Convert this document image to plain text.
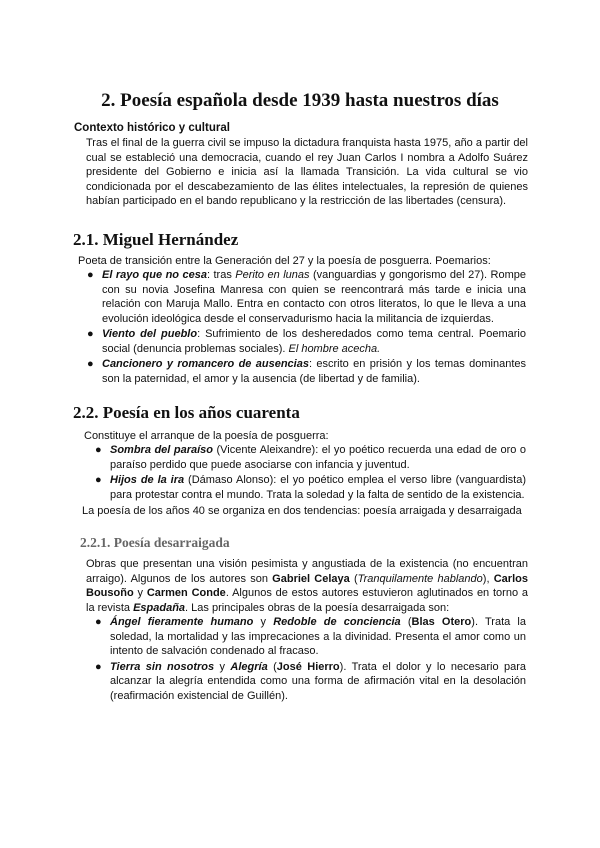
2. Poesía española desde 1939 hasta nuestros días
Contexto histórico y cultural
Tras el final de la guerra civil se impuso la dictadura franquista hasta 1975, año a partir del cual se estableció una democracia, cuando el rey Juan Carlos I nombra a Adolfo Suárez presidente del Gobierno e inicia así la llamada Transición. La vida cultural se vio condicionada por el descabezamiento de las élites intelectuales, la represión de quienes habían participado en el bando republicano y la restricción de las libertades (censura).
2.1. Miguel Hernández
Poeta de transición entre la Generación del 27 y la poesía de posguerra. Poemarios:
● El rayo que no cesa: tras Perito en lunas (vanguardias y gongorismo del 27). Rompe con su novia Josefina Manresa con quien se reencontrará más tarde e inicia una relación con Maruja Mallo. Entra en contacto con otros literatos, lo que le lleva a una evolución ideológica desde el conservadurismo hacia la militancia de izquierdas.
● Viento del pueblo: Sufrimiento de los desheredados como tema central. Poemario social (denuncia problemas sociales). El hombre acecha.
● Cancionero y romancero de ausencias: escrito en prisión y los temas dominantes son la paternidad, el amor y la ausencia (de libertad y de familia).
2.2. Poesía en los años cuarenta
Constituye el arranque de la poesía de posguerra:
● Sombra del paraíso (Vicente Aleixandre): el yo poético recuerda una edad de oro o paraíso perdido que puede asociarse con infancia y juventud.
● Hijos de la ira (Dámaso Alonso): el yo poético emplea el verso libre (vanguardista) para protestar contra el mundo. Trata la soledad y la falta de sentido de la existencia.
La poesía de los años 40 se organiza en dos tendencias: poesía arraigada y desarraigada
2.2.1. Poesía desarraigada
Obras que presentan una visión pesimista y angustiada de la existencia (no encuentran arraigo). Algunos de los autores son Gabriel Celaya (Tranquilamente hablando), Carlos Bousoño y Carmen Conde. Algunos de estos autores estuvieron aglutinados en torno a la revista Espadaña. Las principales obras de la poesía desarraigada son:
● Ángel fieramente humano y Redoble de conciencia (Blas Otero). Trata la soledad, la mortalidad y las imprecaciones a la divinidad. Presenta el amor como un intento de salvación condenado al fracaso.
● Tierra sin nosotros y Alegría (José Hierro). Trata el dolor y lo necesario para alcanzar la alegría entendida como una forma de afirmación vital en la desolación (reafirmación existencial de Guillén).
